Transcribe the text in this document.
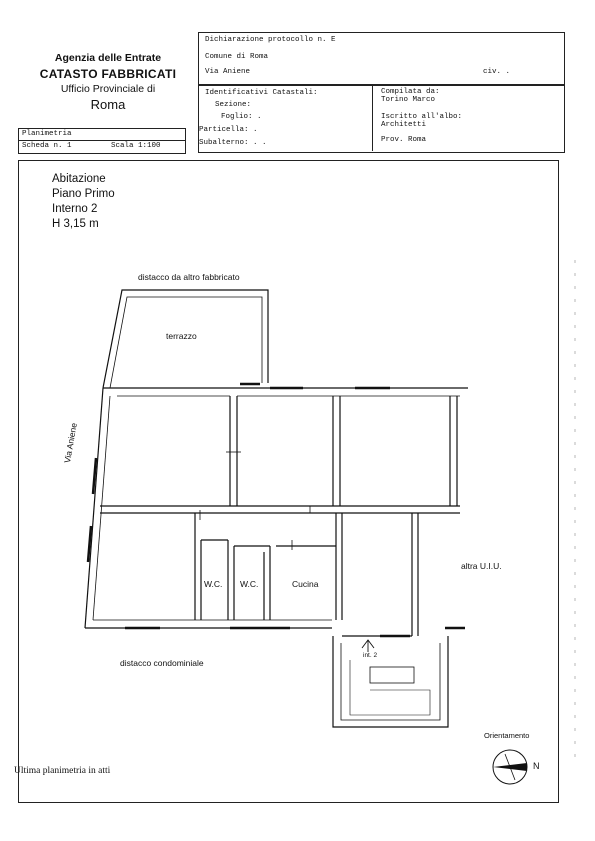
Agenzia delle Entrate
CATASTO FABBRICATI
Ufficio Provinciale di
Roma
Dichiarazione protocollo n. E
Comune di Roma
Via Aniene	civ. .
Identificativi Catastali:
Sezione:
Foglio: .
Particella: .
Subalterno: . .
Compilata da:
Torino Marco
Iscritto all'albo:
Architetti
Prov. Roma
Planimetria
Scheda n. 1	Scala 1:100
Abitazione
Piano Primo
Interno 2
H 3,15 m
distacco da altro fabbricato
terrazzo
Via Aniene
W.C. W.C.	Cucina
altra U.I.U.
distacco condominiale
int. 2
Orientamento
N
Ultima planimetria in atti
